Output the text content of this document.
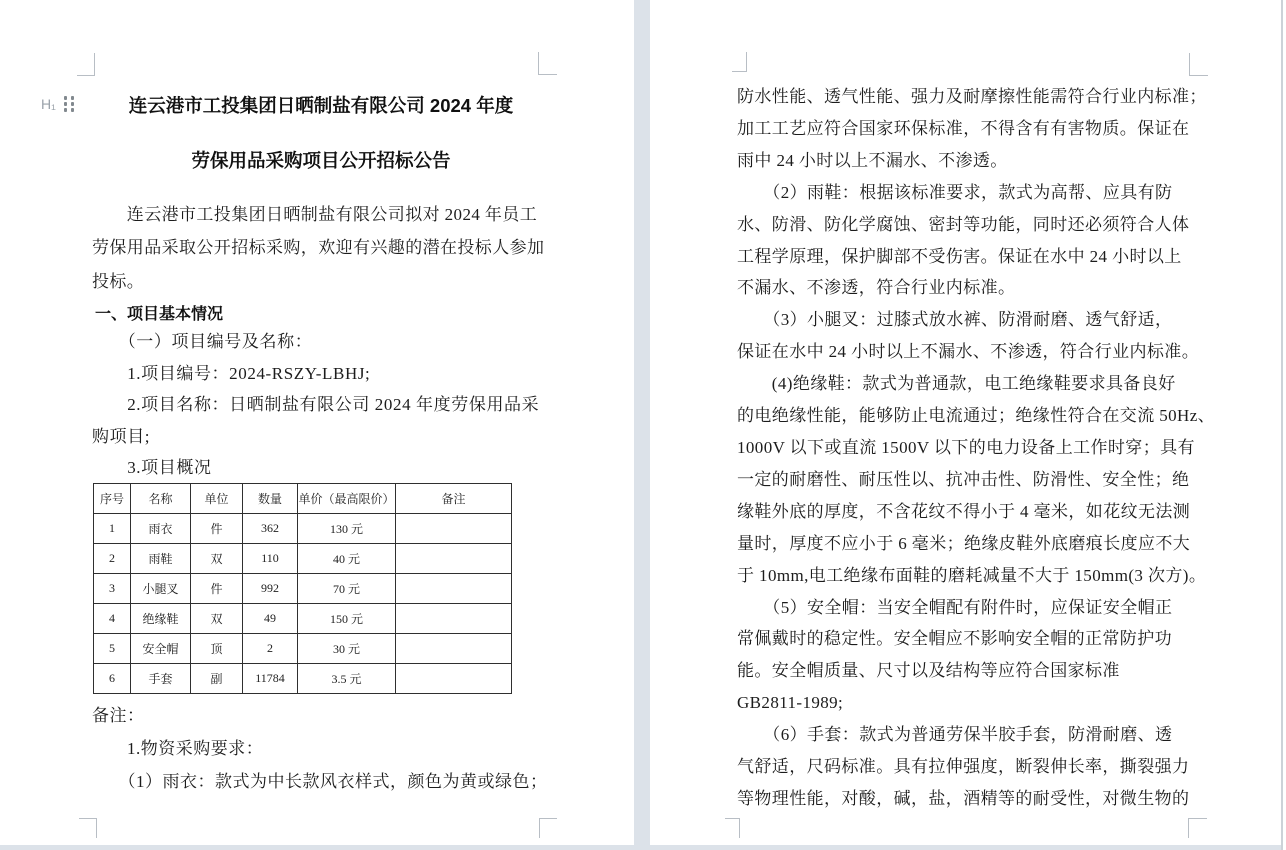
H₁	连云港市工投集团日晒制盐有限公司 2024 年度
劳保用品采购项目公开招标公告
　　连云港市工投集团日晒制盐有限公司拟对 2024 年员工
劳保用品采取公开招标采购，欢迎有兴趣的潜在投标人参加
投标。
一、项目基本情况
　　（一）项目编号及名称：
　　1.项目编号：2024-RSZY-LBHJ;
　　2.项目名称：日晒制盐有限公司 2024 年度劳保用品采
购项目;
　　3.项目概况
序号	名称	单位	数量	单价（最高限价）	备注
1	雨衣	件	362	130 元	
2	雨鞋	双	110	40 元	
3	小腿叉	件	992	70 元	
4	绝缘鞋	双	49	150 元	
5	安全帽	顶	2	30 元	
6	手套	副	11784	3.5 元	
备注：
　　1.物资采购要求：
　　（1）雨衣：款式为中长款风衣样式，颜色为黄或绿色；
防水性能、透气性能、强力及耐摩擦性能需符合行业内标准；
加工工艺应符合国家环保标准，不得含有有害物质。保证在
雨中 24 小时以上不漏水、不渗透。
　　（2）雨鞋：根据该标准要求，款式为高帮、应具有防
水、防滑、防化学腐蚀、密封等功能，同时还必须符合人体
工程学原理，保护脚部不受伤害。保证在水中 24 小时以上
不漏水、不渗透，符合行业内标准。
　　（3）小腿叉：过膝式放水裤、防滑耐磨、透气舒适，
保证在水中 24 小时以上不漏水、不渗透，符合行业内标准。
　　(4)绝缘鞋：款式为普通款，电工绝缘鞋要求具备良好
的电绝缘性能，能够防止电流通过；绝缘性符合在交流 50Hz、
1000V 以下或直流 1500V 以下的电力设备上工作时穿；具有
一定的耐磨性、耐压性以、抗冲击性、防滑性、安全性；绝
缘鞋外底的厚度，不含花纹不得小于 4 毫米，如花纹无法测
量时，厚度不应小于 6 毫米；绝缘皮鞋外底磨痕长度应不大
于 10mm,电工绝缘布面鞋的磨耗减量不大于 150mm(3 次方)。
　　（5）安全帽：当安全帽配有附件时，应保证安全帽正
常佩戴时的稳定性。安全帽应不影响安全帽的正常防护功
能。安全帽质量、尺寸以及结构等应符合国家标准
GB2811-1989;
　　（6）手套：款式为普通劳保半胶手套，防滑耐磨、透
气舒适，尺码标准。具有拉伸强度，断裂伸长率，撕裂强力
等物理性能，对酸，碱，盐，酒精等的耐受性，对微生物的
